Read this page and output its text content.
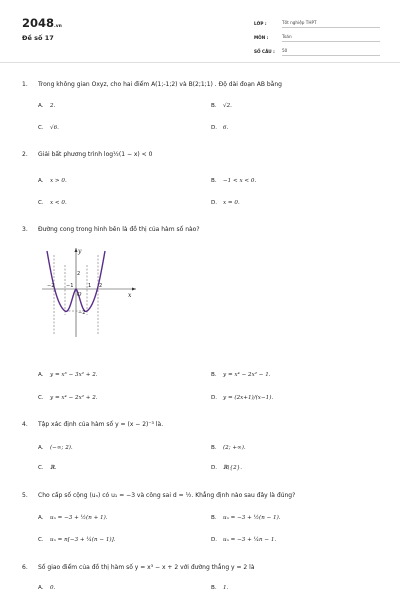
2048.vn
Đề số 17
LỚP :	Tốt nghiệp THPT
MÔN :	Toán
SỐ CÂU :	50
1. Trong không gian Oxyz, cho hai điểm A(1;-1;2) và B(2;1;1) . Độ dài đoạn AB bằng
A. 2.	B. √2.
C. √6.	D. 6.
2. Giải bất phương trình log½(1 − x) < 0
A. x > 0.	B. −1 < x < 0.
C. x < 0.	D. x = 0.
3. Đường cong trong hình bên là đồ thị của hàm số nào?
y
x
O
−2 −1	1 2
2
−2
A. y = x³ − 3x² + 2.	B. y = x⁴ − 2x² − 1.
C. y = x⁴ − 2x² + 2.	D. y = (2x+1)/(x−1).
4. Tập xác định của hàm số y = (x − 2)⁻³ là.
A. (−∞; 2).	B. (2; +∞).
C. ℝ.	D. ℝ\{2}.
5. Cho cấp số cộng (uₙ) có u₁ = −3 và công sai d = ½. Khẳng định nào sau đây là đúng?
A. uₙ = −3 + ½(n + 1).	B. uₙ = −3 + ½(n − 1).
C. uₙ = n[−3 + ¼(n − 1)].	D. uₙ = −3 + ¼n − 1.
6. Số giao điểm của đồ thị hàm số y = x³ − x + 2 với đường thẳng y = 2 là
A. 0.	B. 1.
